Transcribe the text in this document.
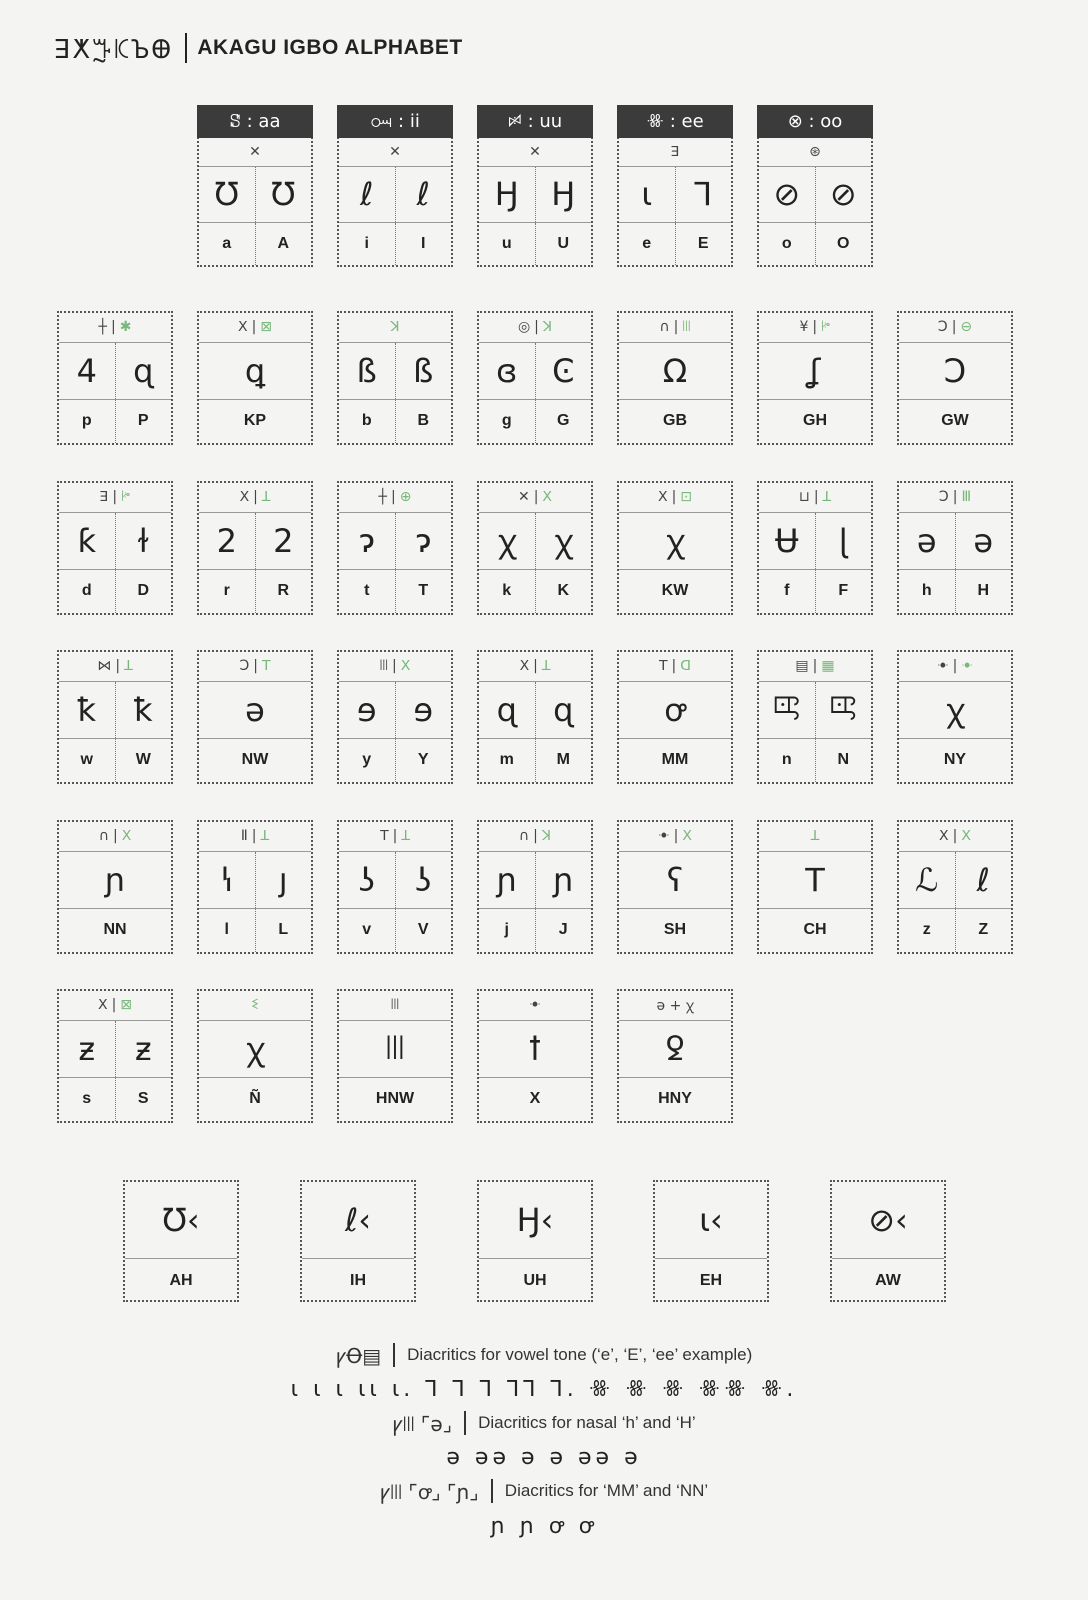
ꓱⵅꔓꗪꙎꚚ AKAGU IGBO ALPHABET
ꗟ : aa
✕
Ʊ	Ʊ
a	A
ꗢ : ii
✕
ℓ	ℓ
i	I
ꗰ : uu
✕
Ӈ	Ӈ
u	U
ꗥ : ee
ꓱ
ɩ	ꓶ
e	E
⊗ : oo
⊛
⊘ ⊘
o	O
┼ | ✱
4	ɋ
p	P
ꓫ | ⊠
ꝗ
KP
ꓘ
ß	ß
b	B
◎ | ꓘ
ɞ	Ͼ
g	G
∩ | ꔖ
Ω
GB
¥ | ꔶ
ʆ
GH
Ↄ | ⊖
Ↄ
GW
ꓱ | ꔶ
ƙ	ɫ
d	D
ꓫ | ꓕ
2	2
r	R
┼ | ⊕
ɂ	ɂ
t	T
✕ | ꓫ
ꭓ	ꭓ
k	K
ꓫ | ⊡
ꭓ
KW
⊔ | ꓕ
Ʉ	ɭ
f	F
Ↄ | Ⅲ
ә	ә
h	H
⋈ | ꓕ
ꝁ	ꝁ
w	W
Ↄ | ꓔ
ə
NW
ꔖ | ꓫ
ɘ	ɘ
y	Y
ꓫ | ꓕ
ɋ	ɋ
m	M
ꓔ | ꓷ
ꝍ
MM
▤ | ▦
ꕓ ꕓ
n	N
ꔹ | ꔹ
ꭓ
NY
∩ | ꓫ
ɲ
NN
Ⅱ | ꓕ
ꝇ	ȷ
l	L
ꓔ | ꓕ
ʖ	ʖ
v	V
∩ | ꓘ
ɲ	ɲ
j	J
ꔹ | ꓫ
ʕ
SH
ꓕ
ꓔ
CH
ꓫ | ꓫ
ℒ	ℓ
z	Z
ꓫ | ⊠
ƶ	ƶ
s	S
ꗨ
ꭓ
Ñ
ꔖ
ꔖ
HNW
ꔹ
ꝉ
X
ә + ꭓ
ꝿ
HNY
Ʊ‹
AH
ℓ‹
IH
Ӈ‹
UH
ɩ‹
EH
⊘‹
AW
ꝩꝊ▤ Diacritics for vowel tone (‘e’, ‘E’, ‘ee’ example)
ɩ ɩ ɩ ɩɩ ɩ. ꓶ ꓶ ꓶ ꓶꓶ ꓶ. ꗥ ꗥ ꗥ ꗥꗥ ꗥ.
ꝩꔖ ⌜ә⌟ Diacritics for nasal ‘h’ and ‘H’
ә әә ә ә әә ә
ꝩꔖ ⌜ꝍ⌟ ⌜ɲ⌟ Diacritics for ‘MM’ and ‘NN’
ɲ ɲ ꝍ ꝍ
